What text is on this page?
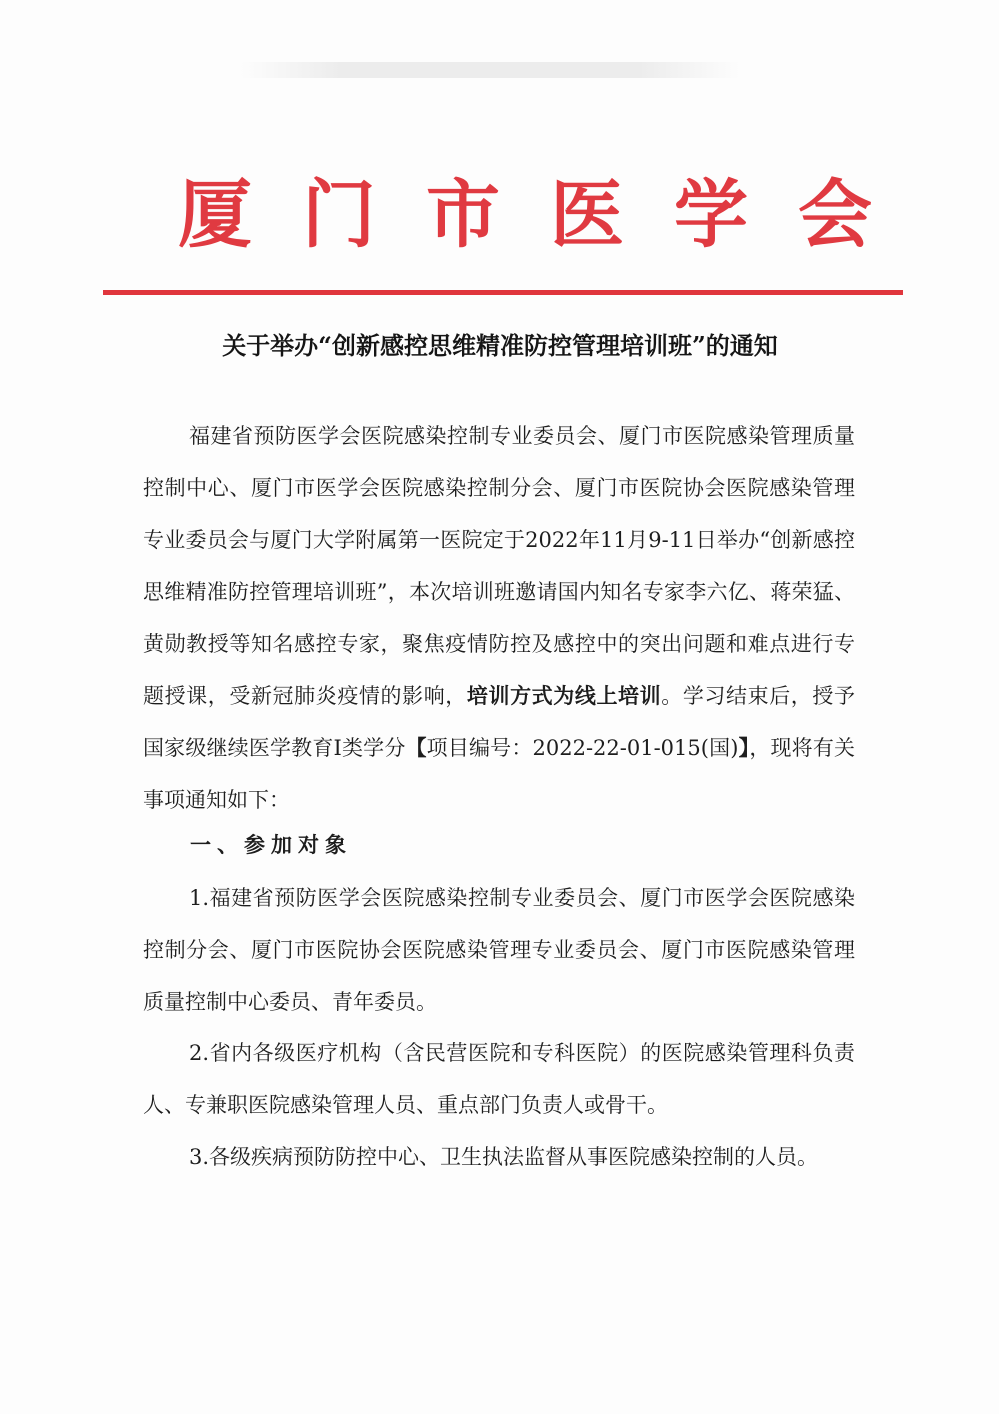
厦门市医学会
关于举办“创新感控思维精准防控管理培训班”的通知
福建省预防医学会医院感染控制专业委员会、厦门市医院感染管理质量控制中心、厦门市医学会医院感染控制分会、厦门市医院协会医院感染管理专业委员会与厦门大学附属第一医院定于2022年11月9-11日举办“创新感控思维精准防控管理培训班”，本次培训班邀请国内知名专家李六亿、蒋荣猛、黄勋教授等知名感控专家，聚焦疫情防控及感控中的突出问题和难点进行专题授课，受新冠肺炎疫情的影响，培训方式为线上培训。学习结束后，授予国家级继续医学教育Ⅰ类学分【项目编号：2022-22-01-015(国)】，现将有关事项通知如下：
一、参加对象
1.福建省预防医学会医院感染控制专业委员会、厦门市医学会医院感染控制分会、厦门市医院协会医院感染管理专业委员会、厦门市医院感染管理质量控制中心委员、青年委员。
2.省内各级医疗机构（含民营医院和专科医院）的医院感染管理科负责人、专兼职医院感染管理人员、重点部门负责人或骨干。
3.各级疾病预防防控中心、卫生执法监督从事医院感染控制的人员。
